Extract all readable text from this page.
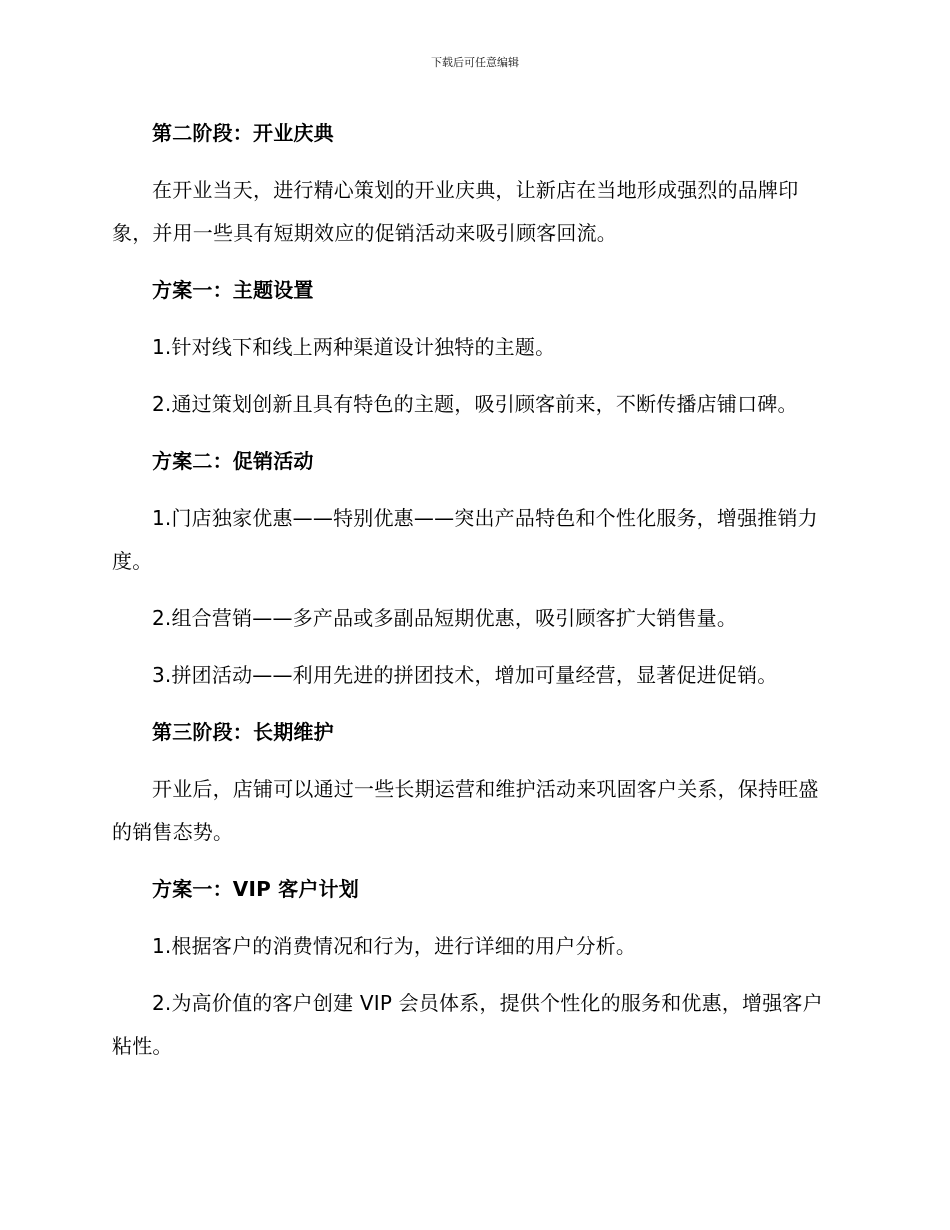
下载后可任意编辑

第二阶段：开业庆典

在开业当天，进行精心策划的开业庆典，让新店在当地形成强烈的品牌印象，并用一些具有短期效应的促销活动来吸引顾客回流。

方案一：主题设置

1.针对线下和线上两种渠道设计独特的主题。

2.通过策划创新且具有特色的主题，吸引顾客前来，不断传播店铺口碑。

方案二：促销活动

1.门店独家优惠——特别优惠——突出产品特色和个性化服务，增强推销力度。

2.组合营销——多产品或多副品短期优惠，吸引顾客扩大销售量。

3.拼团活动——利用先进的拼团技术，增加可量经营，显著促进促销。

第三阶段：长期维护

开业后，店铺可以通过一些长期运营和维护活动来巩固客户关系，保持旺盛的销售态势。

方案一：VIP 客户计划

1.根据客户的消费情况和行为，进行详细的用户分析。

2.为高价值的客户创建 VIP 会员体系，提供个性化的服务和优惠，增强客户粘性。
